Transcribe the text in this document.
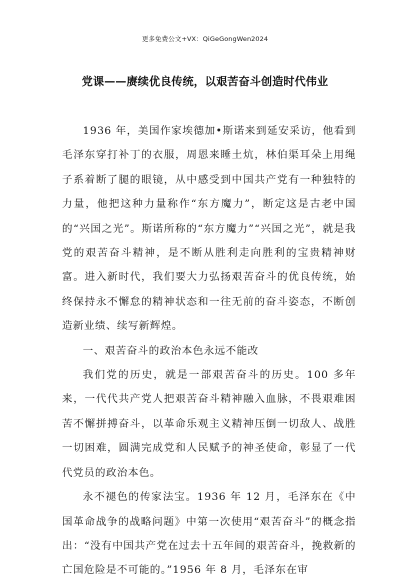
更多免费公文+VX：QiGeGongWen2024
党课——赓续优良传统，以艰苦奋斗创造时代伟业

1936 年，美国作家埃德加•斯诺来到延安采访，他看到毛泽东穿打补丁的衣服，周恩来睡土炕，林伯渠耳朵上用绳子系着断了腿的眼镜，从中感受到中国共产党有一种独特的力量，他把这种力量称作“东方魔力”，断定这是古老中国的“兴国之光”。斯诺所称的“东方魔力”“兴国之光”，就是我党的艰苦奋斗精神，是不断从胜利走向胜利的宝贵精神财富。进入新时代，我们要大力弘扬艰苦奋斗的优良传统，始终保持永不懈怠的精神状态和一往无前的奋斗姿态，不断创造新业绩、续写新辉煌。

一、艰苦奋斗的政治本色永远不能改

我们党的历史，就是一部艰苦奋斗的历史。100 多年来，一代代共产党人把艰苦奋斗精神融入血脉，不畏艰难困苦不懈拼搏奋斗，以革命乐观主义精神压倒一切敌人、战胜一切困难，圆满完成党和人民赋予的神圣使命，彰显了一代代党员的政治本色。

永不褪色的传家法宝。1936 年 12 月，毛泽东在《中国革命战争的战略问题》中第一次使用“艰苦奋斗”的概念指出：“没有中国共产党在过去十五年间的艰苦奋斗，挽救新的亡国危险是不可能的。”1956 年 8 月，毛泽东在审
